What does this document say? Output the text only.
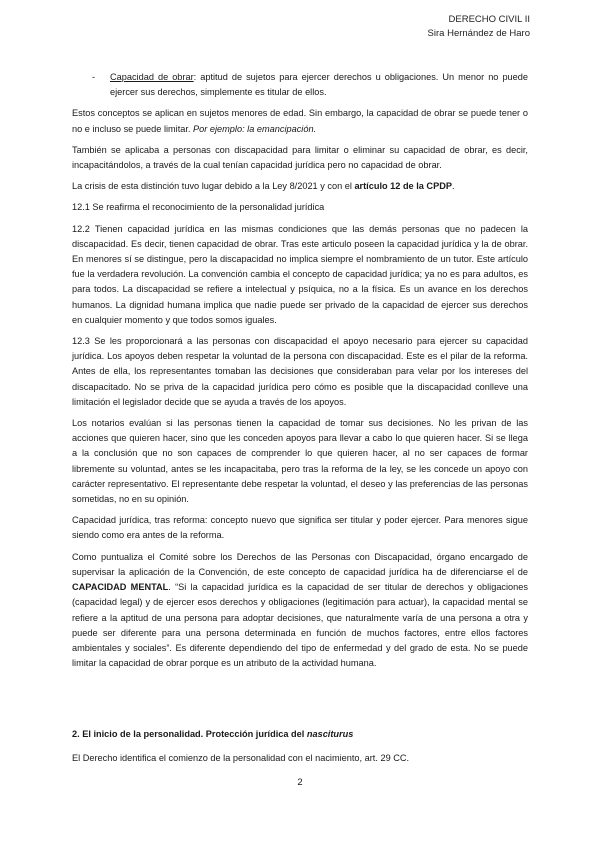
DERECHO CIVIL II
Sira Hernández de Haro
-	Capacidad de obrar: aptitud de sujetos para ejercer derechos u obligaciones. Un menor no puede ejercer sus derechos, simplemente es titular de ellos.

Estos conceptos se aplican en sujetos menores de edad. Sin embargo, la capacidad de obrar se puede tener o no e incluso se puede limitar. Por ejemplo: la emancipación.

También se aplicaba a personas con discapacidad para limitar o eliminar su capacidad de obrar, es decir, incapacitándolos, a través de la cual tenían capacidad jurídica pero no capacidad de obrar.

La crisis de esta distinción tuvo lugar debido a la Ley 8/2021 y con el artículo 12 de la CPDP.

12.1 Se reafirma el reconocimiento de la personalidad jurídica

12.2 Tienen capacidad jurídica en las mismas condiciones que las demás personas que no padecen la discapacidad. Es decir, tienen capacidad de obrar. Tras este articulo poseen la capacidad jurídica y la de obrar. En menores sí se distingue, pero la discapacidad no implica siempre el nombramiento de un tutor. Este artículo fue la verdadera revolución. La convención cambia el concepto de capacidad jurídica; ya no es para adultos, es para todos. La discapacidad se refiere a intelectual y psíquica, no a la física. Es un avance en los derechos humanos. La dignidad humana implica que nadie puede ser privado de la capacidad de ejercer sus derechos en cualquier momento y que todos somos iguales.

12.3 Se les proporcionará a las personas con discapacidad el apoyo necesario para ejercer su capacidad jurídica. Los apoyos deben respetar la voluntad de la persona con discapacidad. Este es el pilar de la reforma. Antes de ella, los representantes tomaban las decisiones que consideraban para velar por los intereses del discapacitado. No se priva de la capacidad jurídica pero cómo es posible que la discapacidad conlleve una limitación el legislador decide que se ayuda a través de los apoyos.

Los notarios evalúan si las personas tienen la capacidad de tomar sus decisiones. No les privan de las acciones que quieren hacer, sino que les conceden apoyos para llevar a cabo lo que quieren hacer. Si se llega a la conclusión que no son capaces de comprender lo que quieren hacer, al no ser capaces de formar libremente su voluntad, antes se les incapacitaba, pero tras la reforma de la ley, se les concede un apoyo con carácter representativo. El representante debe respetar la voluntad, el deseo y las preferencias de las personas sometidas, no en su opinión.

Capacidad jurídica, tras reforma: concepto nuevo que significa ser titular y poder ejercer. Para menores sigue siendo como era antes de la reforma.

Como puntualiza el Comité sobre los Derechos de las Personas con Discapacidad, órgano encargado de supervisar la aplicación de la Convención, de este concepto de capacidad jurídica ha de diferenciarse el de CAPACIDAD MENTAL. “Si la capacidad jurídica es la capacidad de ser titular de derechos y obligaciones (capacidad legal) y de ejercer esos derechos y obligaciones (legitimación para actuar), la capacidad mental se refiere a la aptitud de una persona para adoptar decisiones, que naturalmente varía de una persona a otra y puede ser diferente para una persona determinada en función de muchos factores, entre ellos factores ambientales y sociales”. Es diferente dependiendo del tipo de enfermedad y del grado de esta. No se puede limitar la capacidad de obrar porque es un atributo de la actividad humana.

2. El inicio de la personalidad. Protección jurídica del nasciturus

El Derecho identifica el comienzo de la personalidad con el nacimiento, art. 29 CC.

2
